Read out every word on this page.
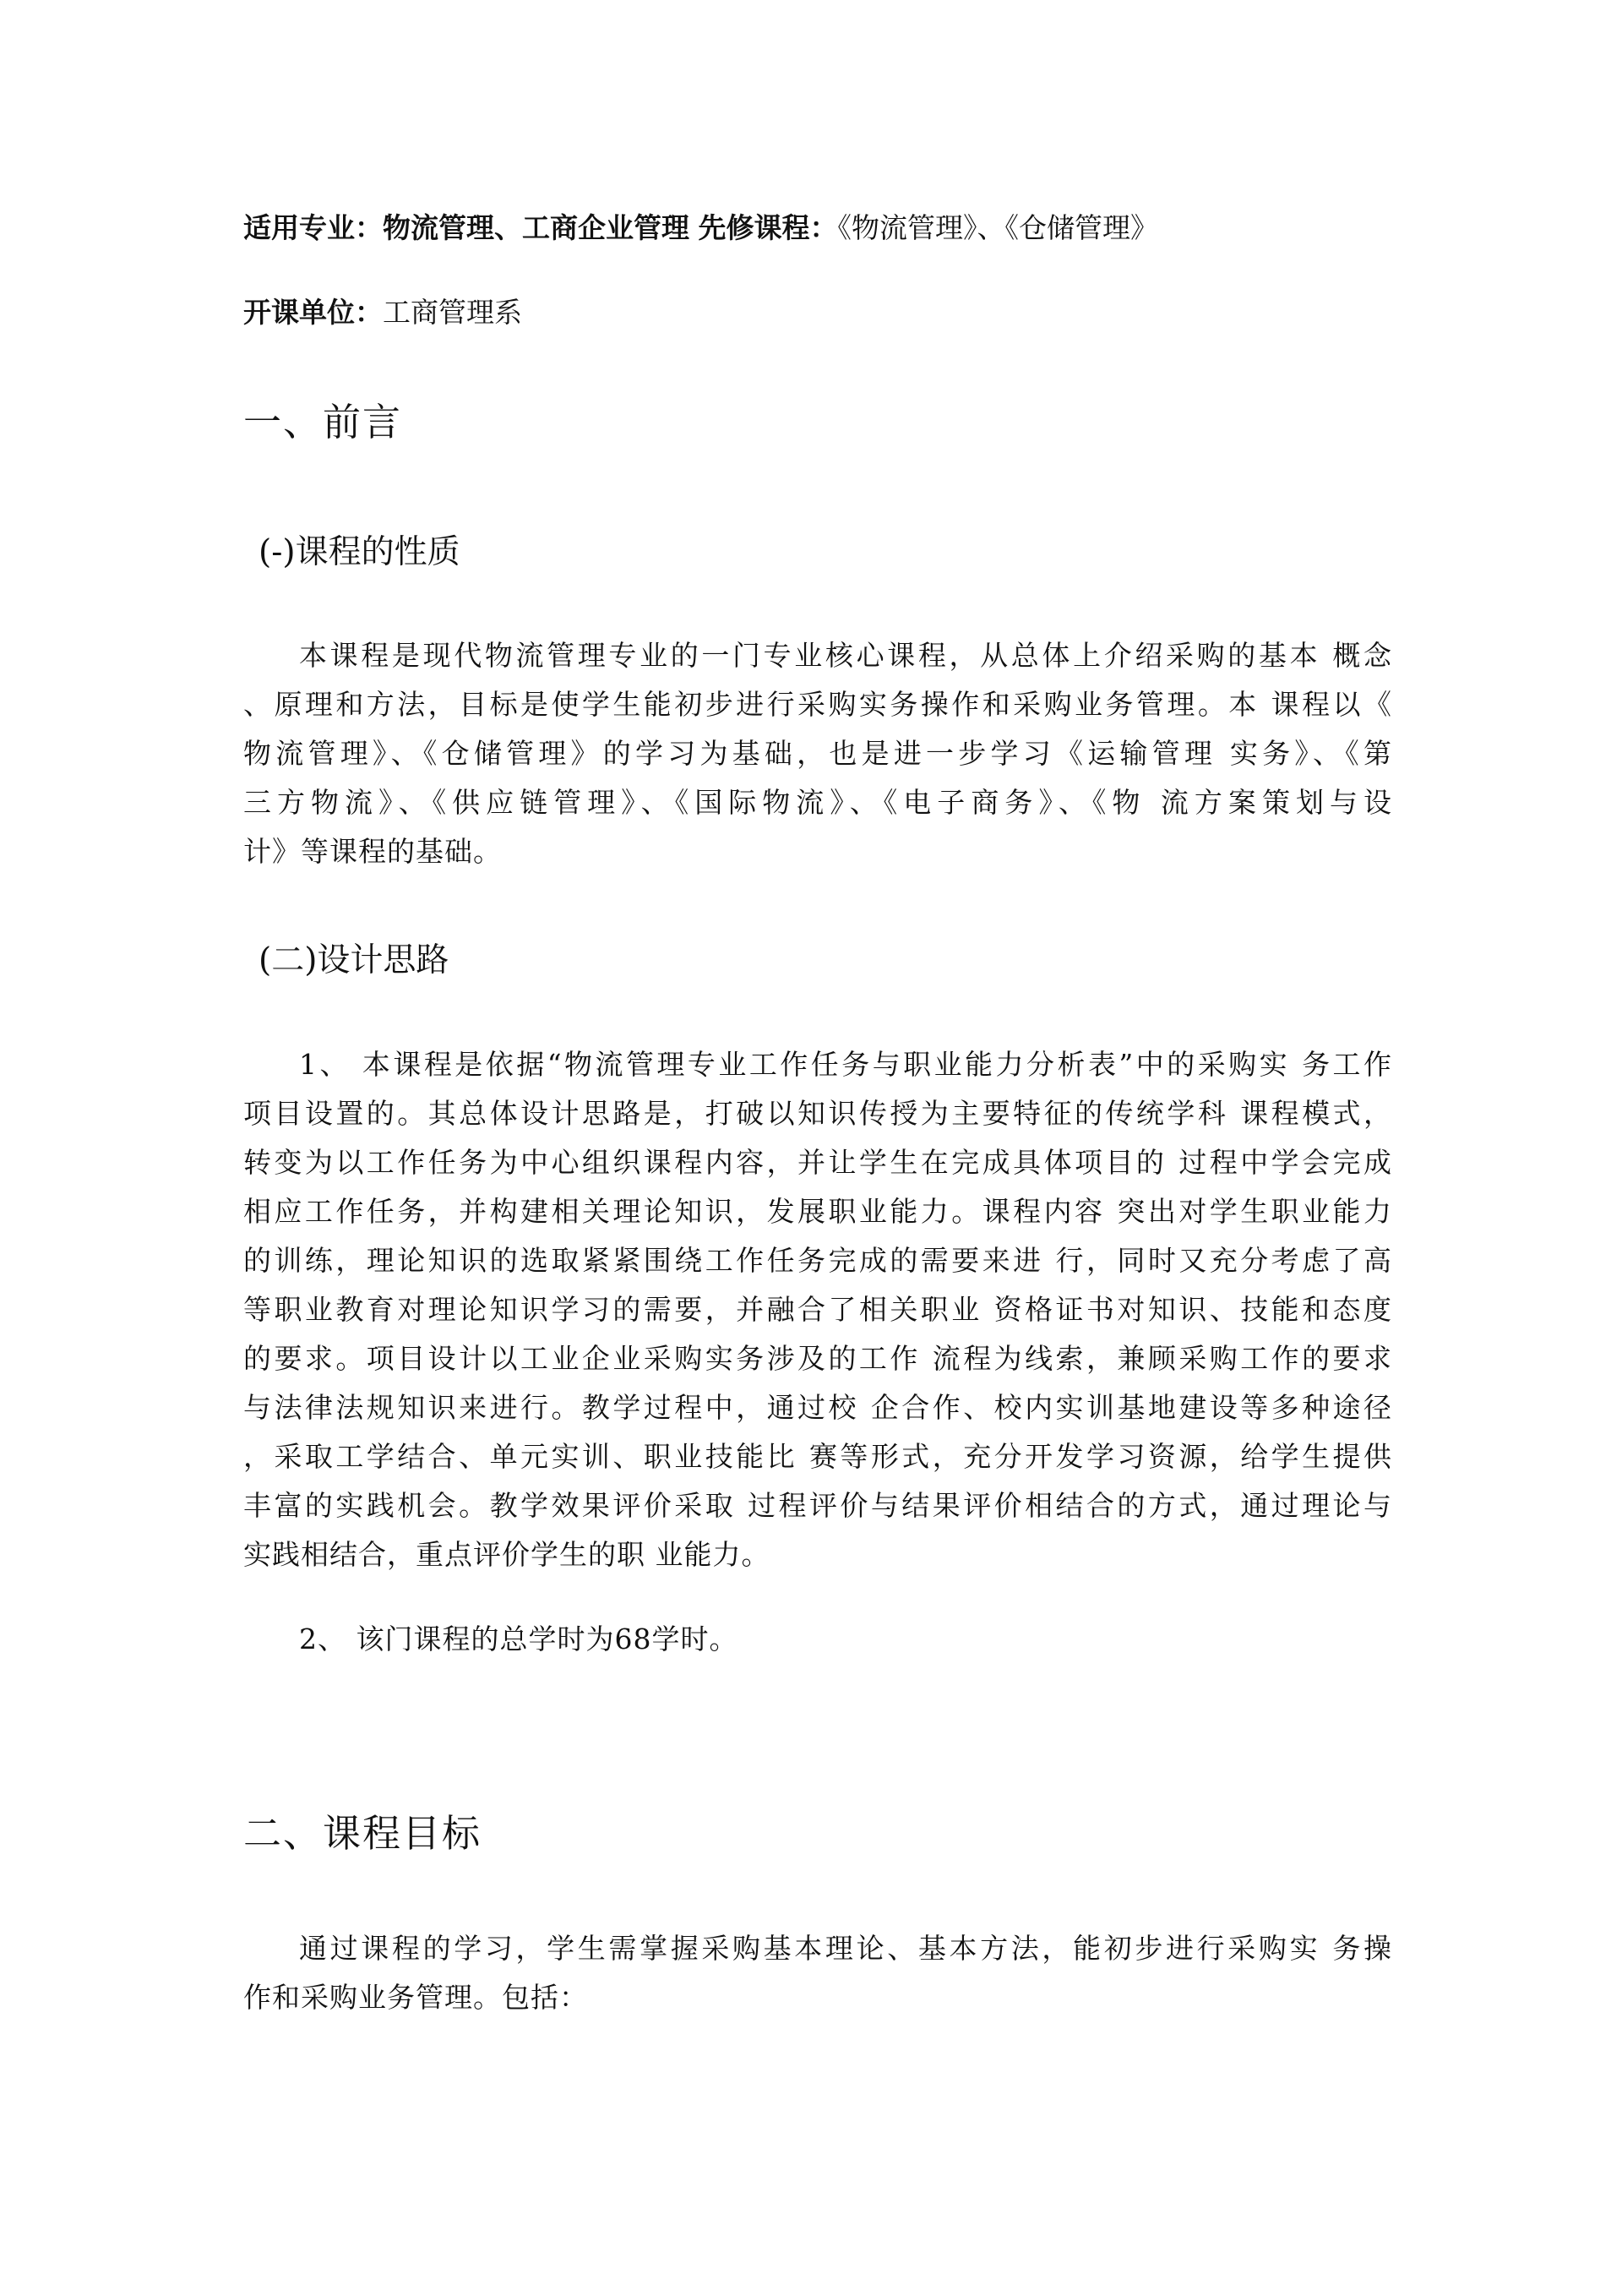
适用专业：物流管理、工商企业管理 先修课程：《物流管理》、《仓储管理》
开课单位：工商管理系
一、前言
(-)课程的性质
本课程是现代物流管理专业的一门专业核心课程，从总体上介绍采购的基本 概念
、原理和方法，目标是使学生能初步进行采购实务操作和采购业务管理。本 课程以《
物流管理》、《仓储管理》的学习为基础，也是进一步学习《运输管理 实务》、《第
三方物流》、《供应链管理》、《国际物流》、《电子商务》、《物 流方案策划与设
计》等课程的基础。
(二)设计思路
1、 本课程是依据“物流管理专业工作任务与职业能力分析表”中的采购实 务工作
项目设置的。其总体设计思路是，打破以知识传授为主要特征的传统学科 课程模式，
转变为以工作任务为中心组织课程内容，并让学生在完成具体项目的 过程中学会完成
相应工作任务，并构建相关理论知识，发展职业能力。课程内容 突出对学生职业能力
的训练，理论知识的选取紧紧围绕工作任务完成的需要来进 行，同时又充分考虑了高
等职业教育对理论知识学习的需要，并融合了相关职业 资格证书对知识、技能和态度
的要求。项目设计以工业企业采购实务涉及的工作 流程为线索，兼顾采购工作的要求
与法律法规知识来进行。教学过程中，通过校 企合作、校内实训基地建设等多种途径
，采取工学结合、单元实训、职业技能比 赛等形式，充分开发学习资源，给学生提供
丰富的实践机会。教学效果评价采取 过程评价与结果评价相结合的方式，通过理论与
实践相结合，重点评价学生的职 业能力。
2、 该门课程的总学时为68学时。
二、课程目标
通过课程的学习，学生需掌握采购基本理论、基本方法，能初步进行采购实 务操
作和采购业务管理。包括：
